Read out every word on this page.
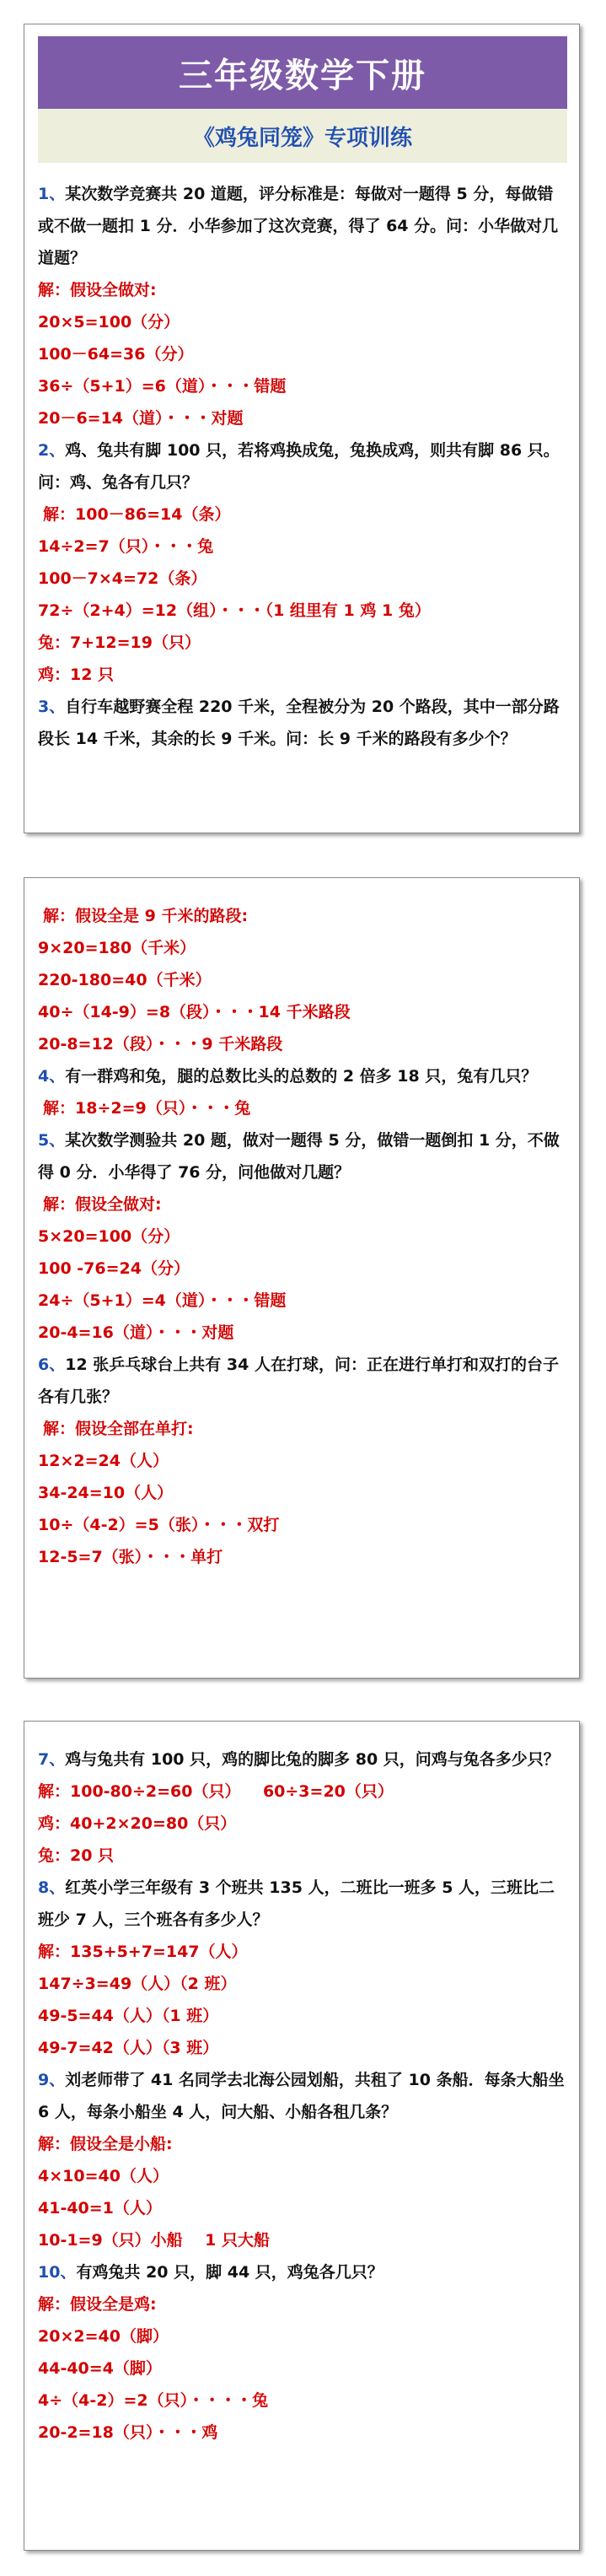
三年级数学下册
《鸡兔同笼》专项训练
1、某次数学竞赛共 20 道题，评分标准是：每做对一题得 5 分，每做错或不做一题扣 1 分．小华参加了这次竞赛，得了 64 分。问：小华做对几道题？
解：假设全做对:
20×5=100（分）
100－64=36（分）
36÷（5+1）=6（道）・・・错题
20－6=14（道）・・・对题
2、鸡、兔共有脚 100 只，若将鸡换成兔，兔换成鸡，则共有脚 86 只。问：鸡、兔各有几只？
解：100－86=14（条）
14÷2=7（只）・・・兔
100－7×4=72（条）
72÷（2+4）=12（组）・・・（1 组里有 1 鸡 1 兔）
兔：7+12=19（只）
鸡：12 只
3、自行车越野赛全程 220 千米，全程被分为 20 个路段，其中一部分路段长 14 千米，其余的长 9 千米。问：长 9 千米的路段有多少个？
解：假设全是 9 千米的路段:
9×20=180（千米）
220-180=40（千米）
40÷（14-9）=8（段）・・・14 千米路段
20-8=12（段）・・・9 千米路段
4、有一群鸡和兔，腿的总数比头的总数的 2 倍多 18 只，兔有几只？
解：18÷2=9（只）・・・兔
5、某次数学测验共 20 题，做对一题得 5 分，做错一题倒扣 1 分，不做得 0 分．小华得了 76 分，问他做对几题？
解：假设全做对:
5×20=100（分）
100 -76=24（分）
24÷（5+1）=4（道）・・・错题
20-4=16（道）・・・对题
6、12 张乒乓球台上共有 34 人在打球，问：正在进行单打和双打的台子各有几张？
解：假设全部在单打:
12×2=24（人）
34-24=10（人）
10÷（4-2）=5（张）・・・双打
12-5=7（张）・・・单打
7、鸡与兔共有 100 只，鸡的脚比兔的脚多 80 只，问鸡与兔各多少只？
解：100-80÷2=60（只）    60÷3=20（只）
鸡：40+2×20=80（只）
兔：20 只
8、红英小学三年级有 3 个班共 135 人，二班比一班多 5 人，三班比二班少 7 人，三个班各有多少人？
解：135+5+7=147（人）
147÷3=49（人）（2 班）
49-5=44（人）（1 班）
49-7=42（人）（3 班）
9、刘老师带了 41 名同学去北海公园划船，共租了 10 条船．每条大船坐 6 人，每条小船坐 4 人，问大船、小船各租几条？
解：假设全是小船:
4×10=40（人）
41-40=1（人）
10-1=9（只）小船    1 只大船
10、有鸡兔共 20 只，脚 44 只，鸡兔各几只？
解：假设全是鸡:
20×2=40（脚）
44-40=4（脚）
4÷（4-2）=2（只）・・・・兔
20-2=18（只）・・・鸡
